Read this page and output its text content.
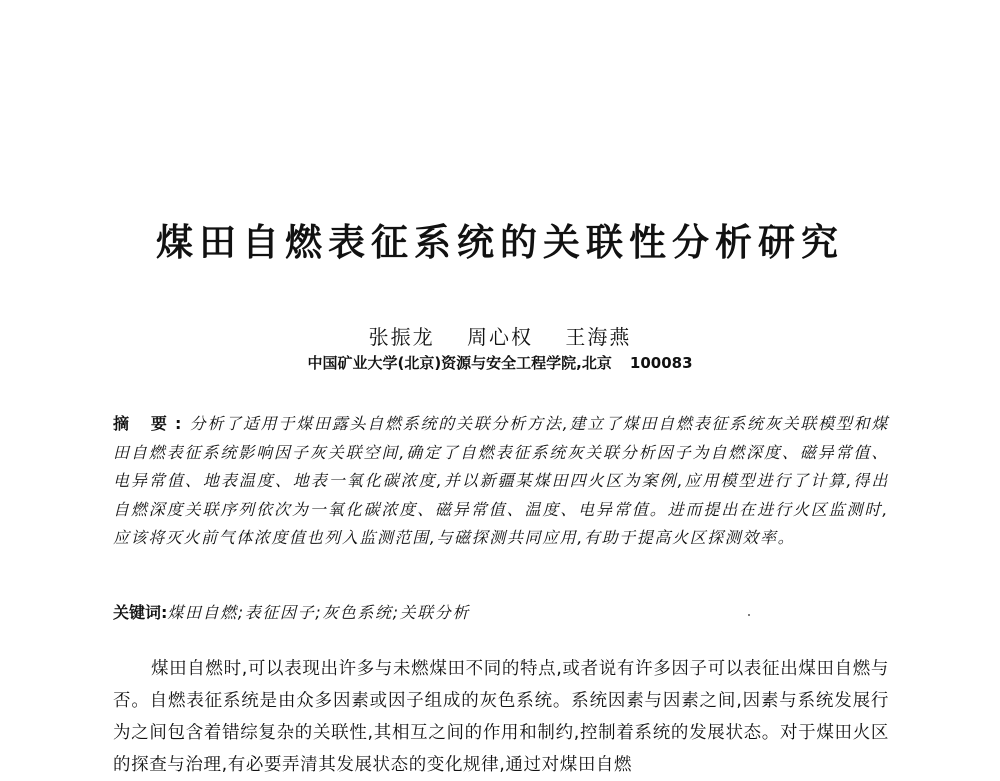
煤田自燃表征系统的关联性分析研究
张振龙 周心权 王海燕
中国矿业大学(北京)资源与安全工程学院,北京 100083
摘 要:分析了适用于煤田露头自燃系统的关联分析方法,建立了煤田自燃表征系统灰关联模型和煤田自燃表征系统影响因子灰关联空间,确定了自燃表征系统灰关联分析因子为自燃深度、磁异常值、电异常值、地表温度、地表一氧化碳浓度,并以新疆某煤田四火区为案例,应用模型进行了计算,得出自燃深度关联序列依次为一氧化碳浓度、磁异常值、温度、电异常值。进而提出在进行火区监测时,应该将灭火前气体浓度值也列入监测范围,与磁探测共同应用,有助于提高火区探测效率。
关键词:煤田自燃;表征因子;灰色系统;关联分析
煤田自燃时,可以表现出许多与未燃煤田不同的特点,或者说有许多因子可以表征出煤田自燃与否。自燃表征系统是由众多因素或因子组成的灰色系统。系统因素与因素之间,因素与系统发展行为之间包含着错综复杂的关联性,其相互之间的作用和制约,控制着系统的发展状态。对于煤田火区的探查与治理,有必要弄清其发展状态的变化规律,通过对煤田自燃
